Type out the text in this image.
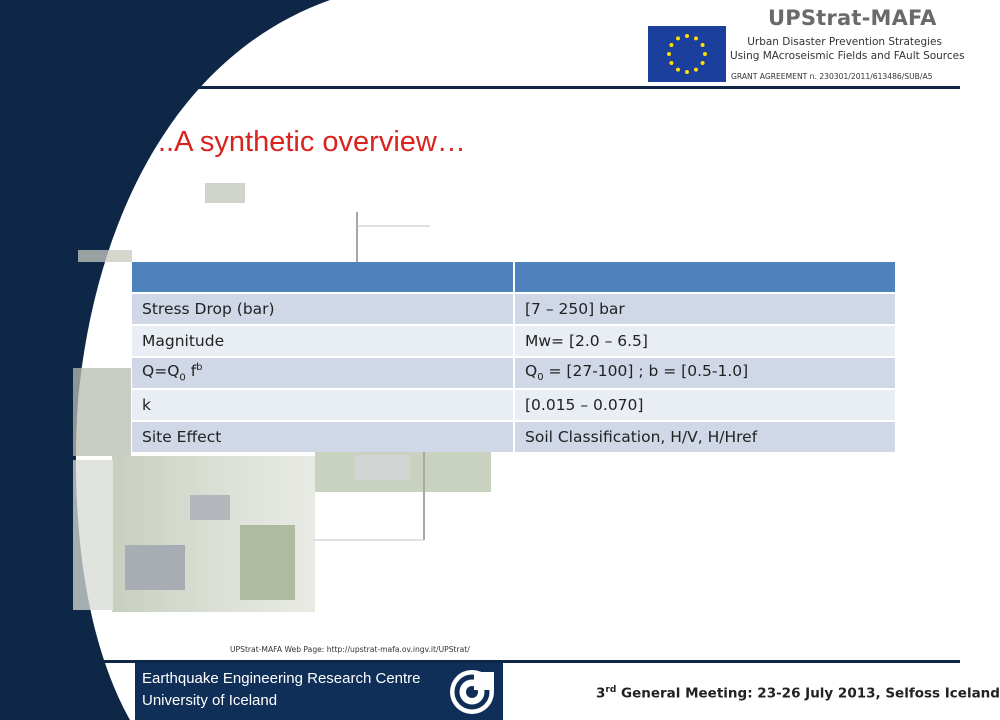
UPStrat-MAFA
Urban Disaster Prevention Strategies
Using MAcroseismic Fields and FAult Sources
GRANT AGREEMENT n. 230301/2011/613486/SUB/A5
..A synthetic overview…

Stress Drop (bar)	[7 – 250] bar
Magnitude	Mw= [2.0 – 6.5]
$Q=Q_0$ $f^b$	$Q_0 = [27-100]$ ; b = [0.5-1.0]
k	[0.015 – 0.070]
Site Effect	Soil Classification, H/V, H/Href
UPStrat-MAFA Web Page: http://upstrat-mafa.ov.ingv.it/UPStrat/
Earthquake Engineering Research Centre
University of Iceland	3rd General Meeting: 23-26 July 2013, Selfoss Iceland
